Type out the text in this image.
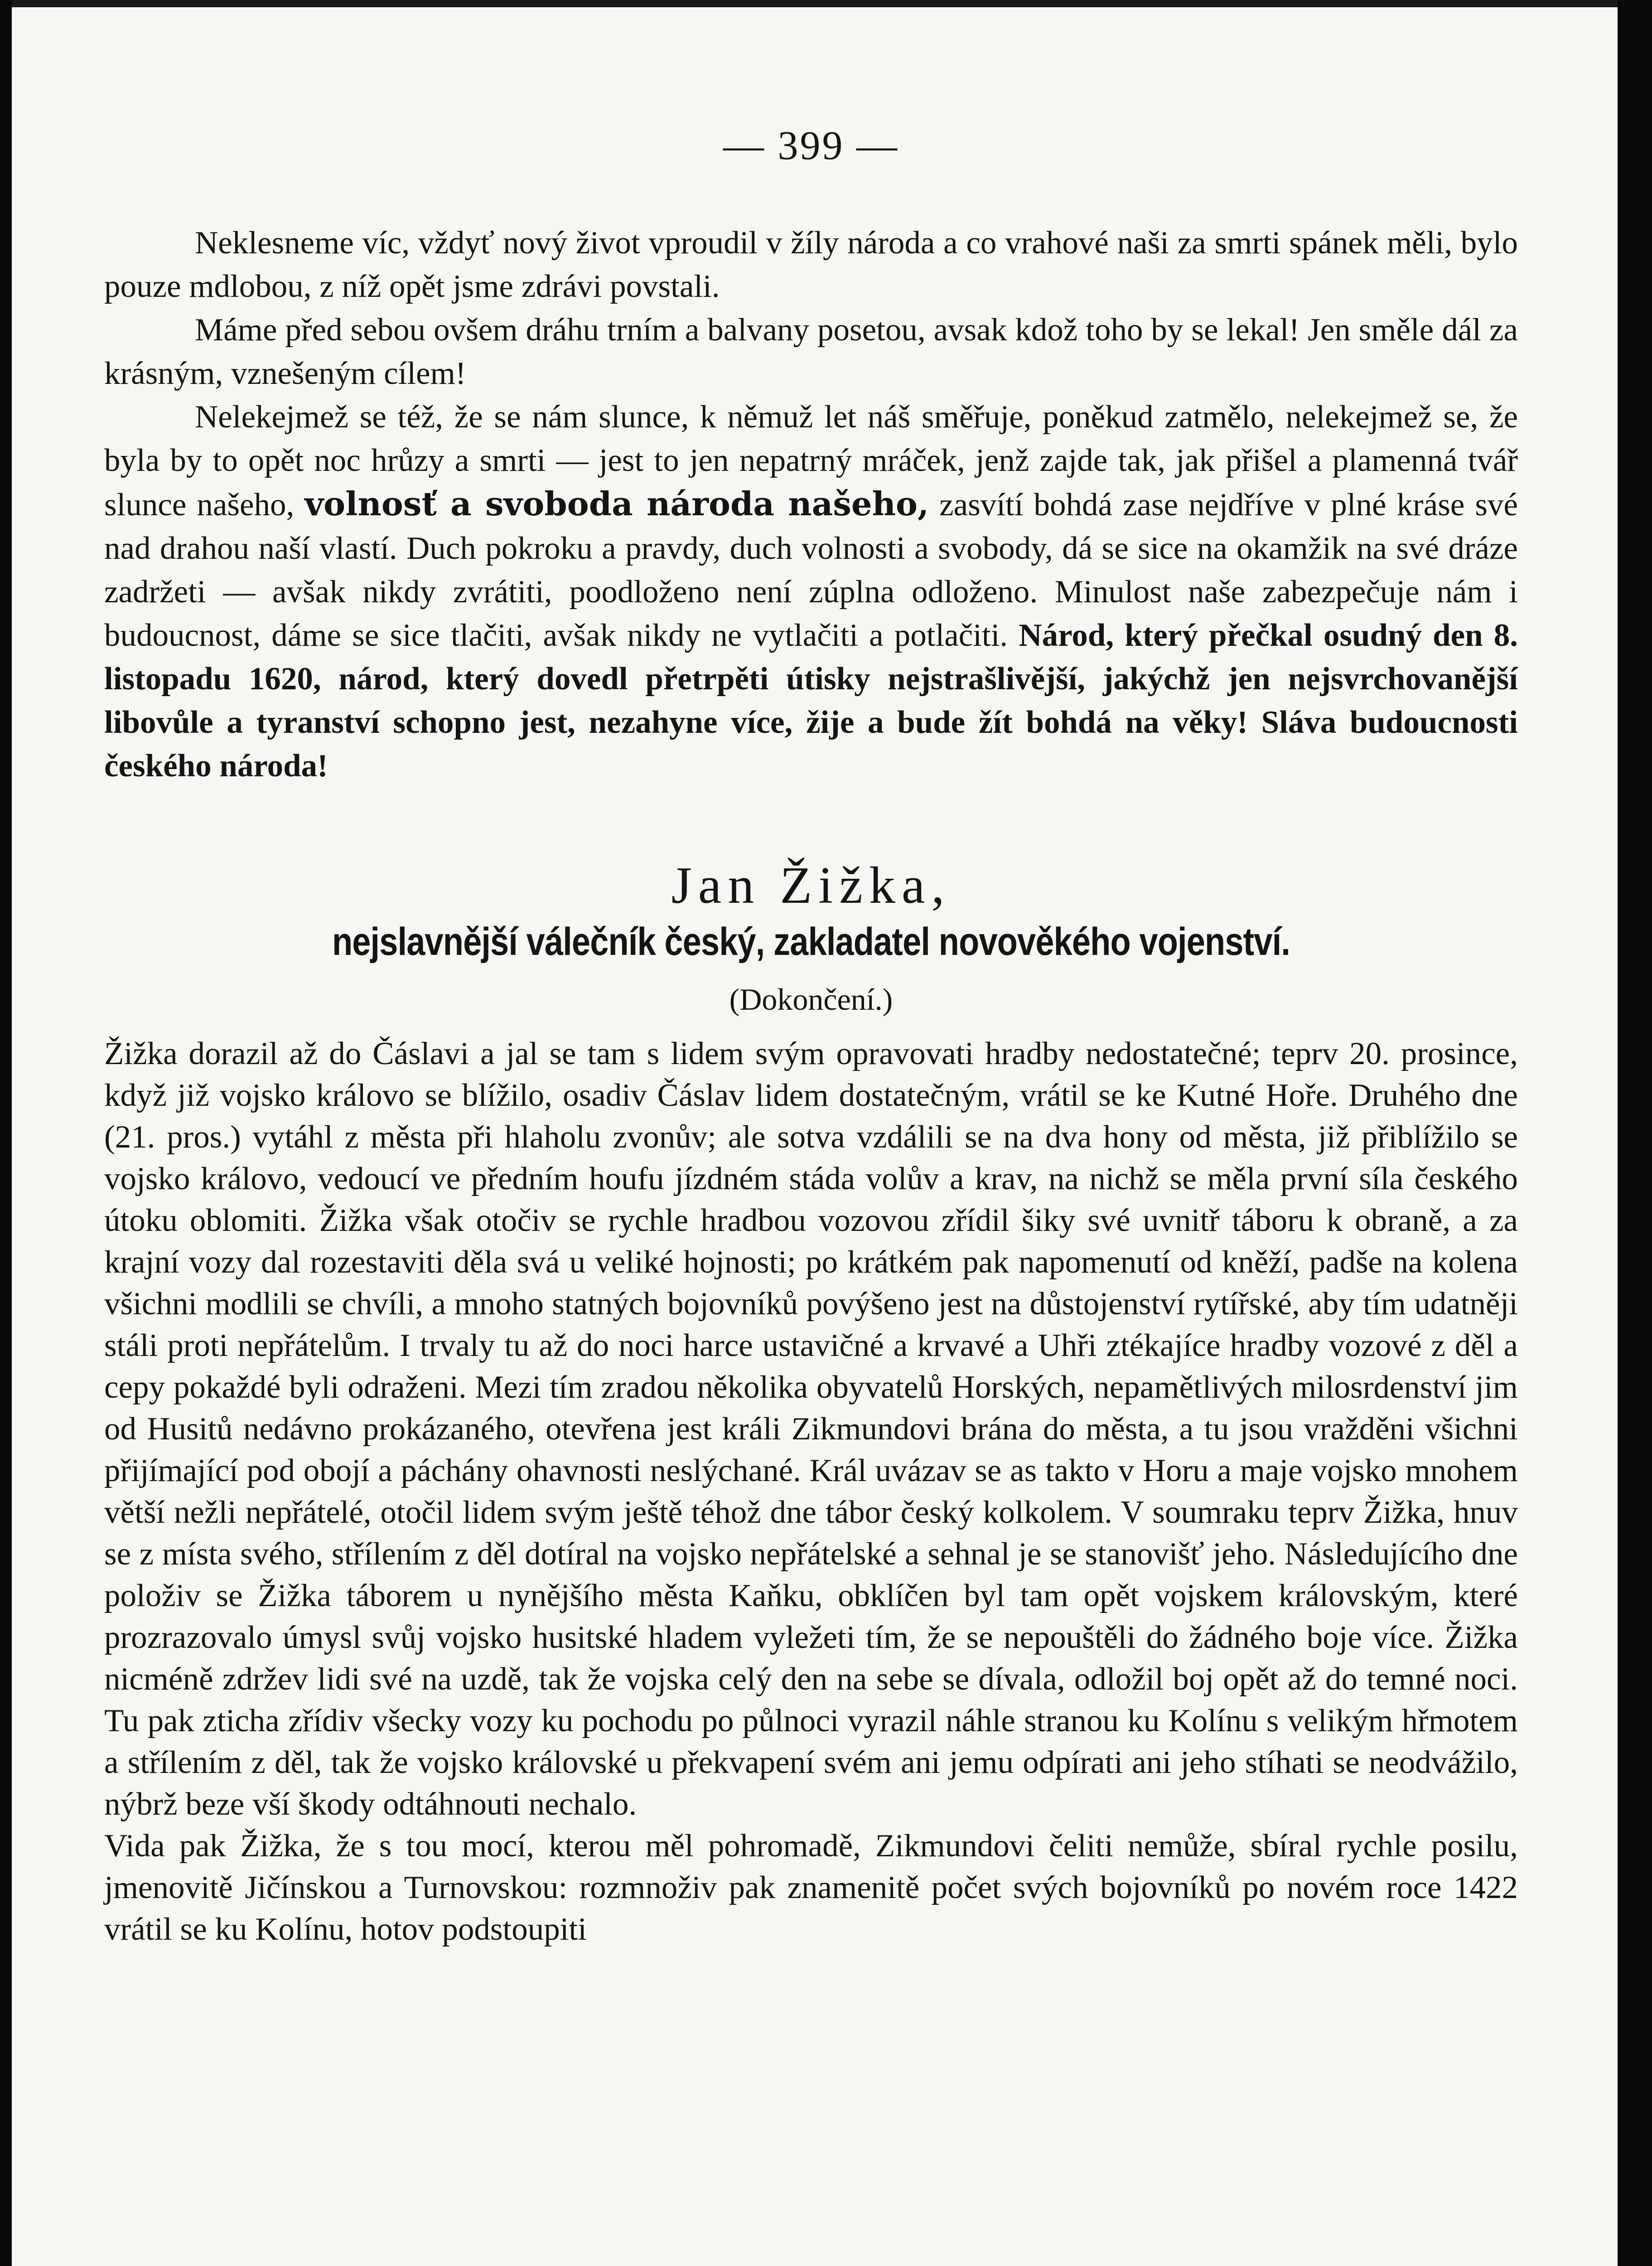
— 399 —

Neklesneme víc, vždyť nový život vproudil v žíly národa a co vrahové naši za smrti spánek měli, bylo pouze mdlobou, z níž opět jsme zdrávi povstali.

Máme před sebou ovšem dráhu trním a balvany posetou, avsak kdož toho by se lekal! Jen směle dál za krásným, vznešeným cílem!

Nelekejmež se též, že se nám slunce, k němuž let náš směřuje, poněkud zatmělo, nelekejmež se, že byla by to opět noc hrůzy a smrti — jest to jen nepatrný mráček, jenž zajde tak, jak přišel a plamenná tvář slunce našeho, volnosť a svoboda národa našeho, zasvítí bohdá zase nejdříve v plné kráse své nad drahou naší vlastí. Duch pokroku a pravdy, duch volnosti a svobody, dá se sice na okamžik na své dráze zadržeti — avšak nikdy zvrátiti, poodloženo není zúplna odloženo. Minulost naše zabezpečuje nám i budoucnost, dáme se sice tlačiti, avšak nikdy ne vytlačiti a potlačiti. Národ, který přečkal osudný den 8. listopadu 1620, národ, který dovedl přetrpěti útisky nejstrašlivější, jakýchž jen nejsvrchovanější libovůle a tyranství schopno jest, nezahyne více, žije a bude žít bohdá na věky! Sláva budoucnosti českého národa!

Jan Žižka,
nejslavnější válečník český, zakladatel novověkého vojenství.
(Dokončení.)

Žižka dorazil až do Čáslavi a jal se tam s lidem svým opravovati hradby nedostatečné; teprv 20. prosince, když již vojsko královo se blížilo, osadiv Čáslav lidem dostatečným, vrátil se ke Kutné Hoře. Druhého dne (21. pros.) vytáhl z města při hlaholu zvonův; ale sotva vzdálili se na dva hony od města, již přiblížilo se vojsko královo, vedoucí ve předním houfu jízdném stáda volův a krav, na nichž se měla první síla českého útoku oblomiti. Žižka však otočiv se rychle hradbou vozovou zřídil šiky své uvnitř táboru k obraně, a za krajní vozy dal rozestaviti děla svá u veliké hojnosti; po krátkém pak napomenutí od kněží, padše na kolena všichni modlili se chvíli, a mnoho statných bojovníků povýšeno jest na důstojenství rytířské, aby tím udatněji stáli proti nepřátelům. I trvaly tu až do noci harce ustavičné a krvavé a Uhři ztékajíce hradby vozové z děl a cepy pokaždé byli odraženi. Mezi tím zradou několika obyvatelů Horských, nepamětlivých milosrdenství jim od Husitů nedávno prokázaného, otevřena jest králi Zikmundovi brána do města, a tu jsou vražděni všichni přijímající pod obojí a páchány ohavnosti neslýchané. Král uvázav se as takto v Horu a maje vojsko mnohem větší nežli nepřátelé, otočil lidem svým ještě téhož dne tábor český kolkolem. V soumraku teprv Žižka, hnuv se z místa svého, střílením z děl dotíral na vojsko nepřátelské a sehnal je se stanovišť jeho. Následujícího dne položiv se Žižka táborem u nynějšího města Kaňku, obklíčen byl tam opět vojskem královským, které prozrazovalo úmysl svůj vojsko husitské hladem vyležeti tím, že se nepouštěli do žádného boje více. Žižka nicméně zdržev lidi své na uzdě, tak že vojska celý den na sebe se dívala, odložil boj opět až do temné noci. Tu pak zticha zřídiv všecky vozy ku pochodu po půlnoci vyrazil náhle stranou ku Kolínu s velikým hřmotem a střílením z děl, tak že vojsko královské u překvapení svém ani jemu odpírati ani jeho stíhati se neodvážilo, nýbrž beze vší škody odtáhnouti nechalo.

Vida pak Žižka, že s tou mocí, kterou měl pohromadě, Zikmundovi čeliti nemůže, sbíral rychle posilu, jmenovitě Jičínskou a Turnovskou: rozmnoživ pak znamenitě počet svých bojovníků po novém roce 1422 vrátil se ku Kolínu, hotov podstoupiti
